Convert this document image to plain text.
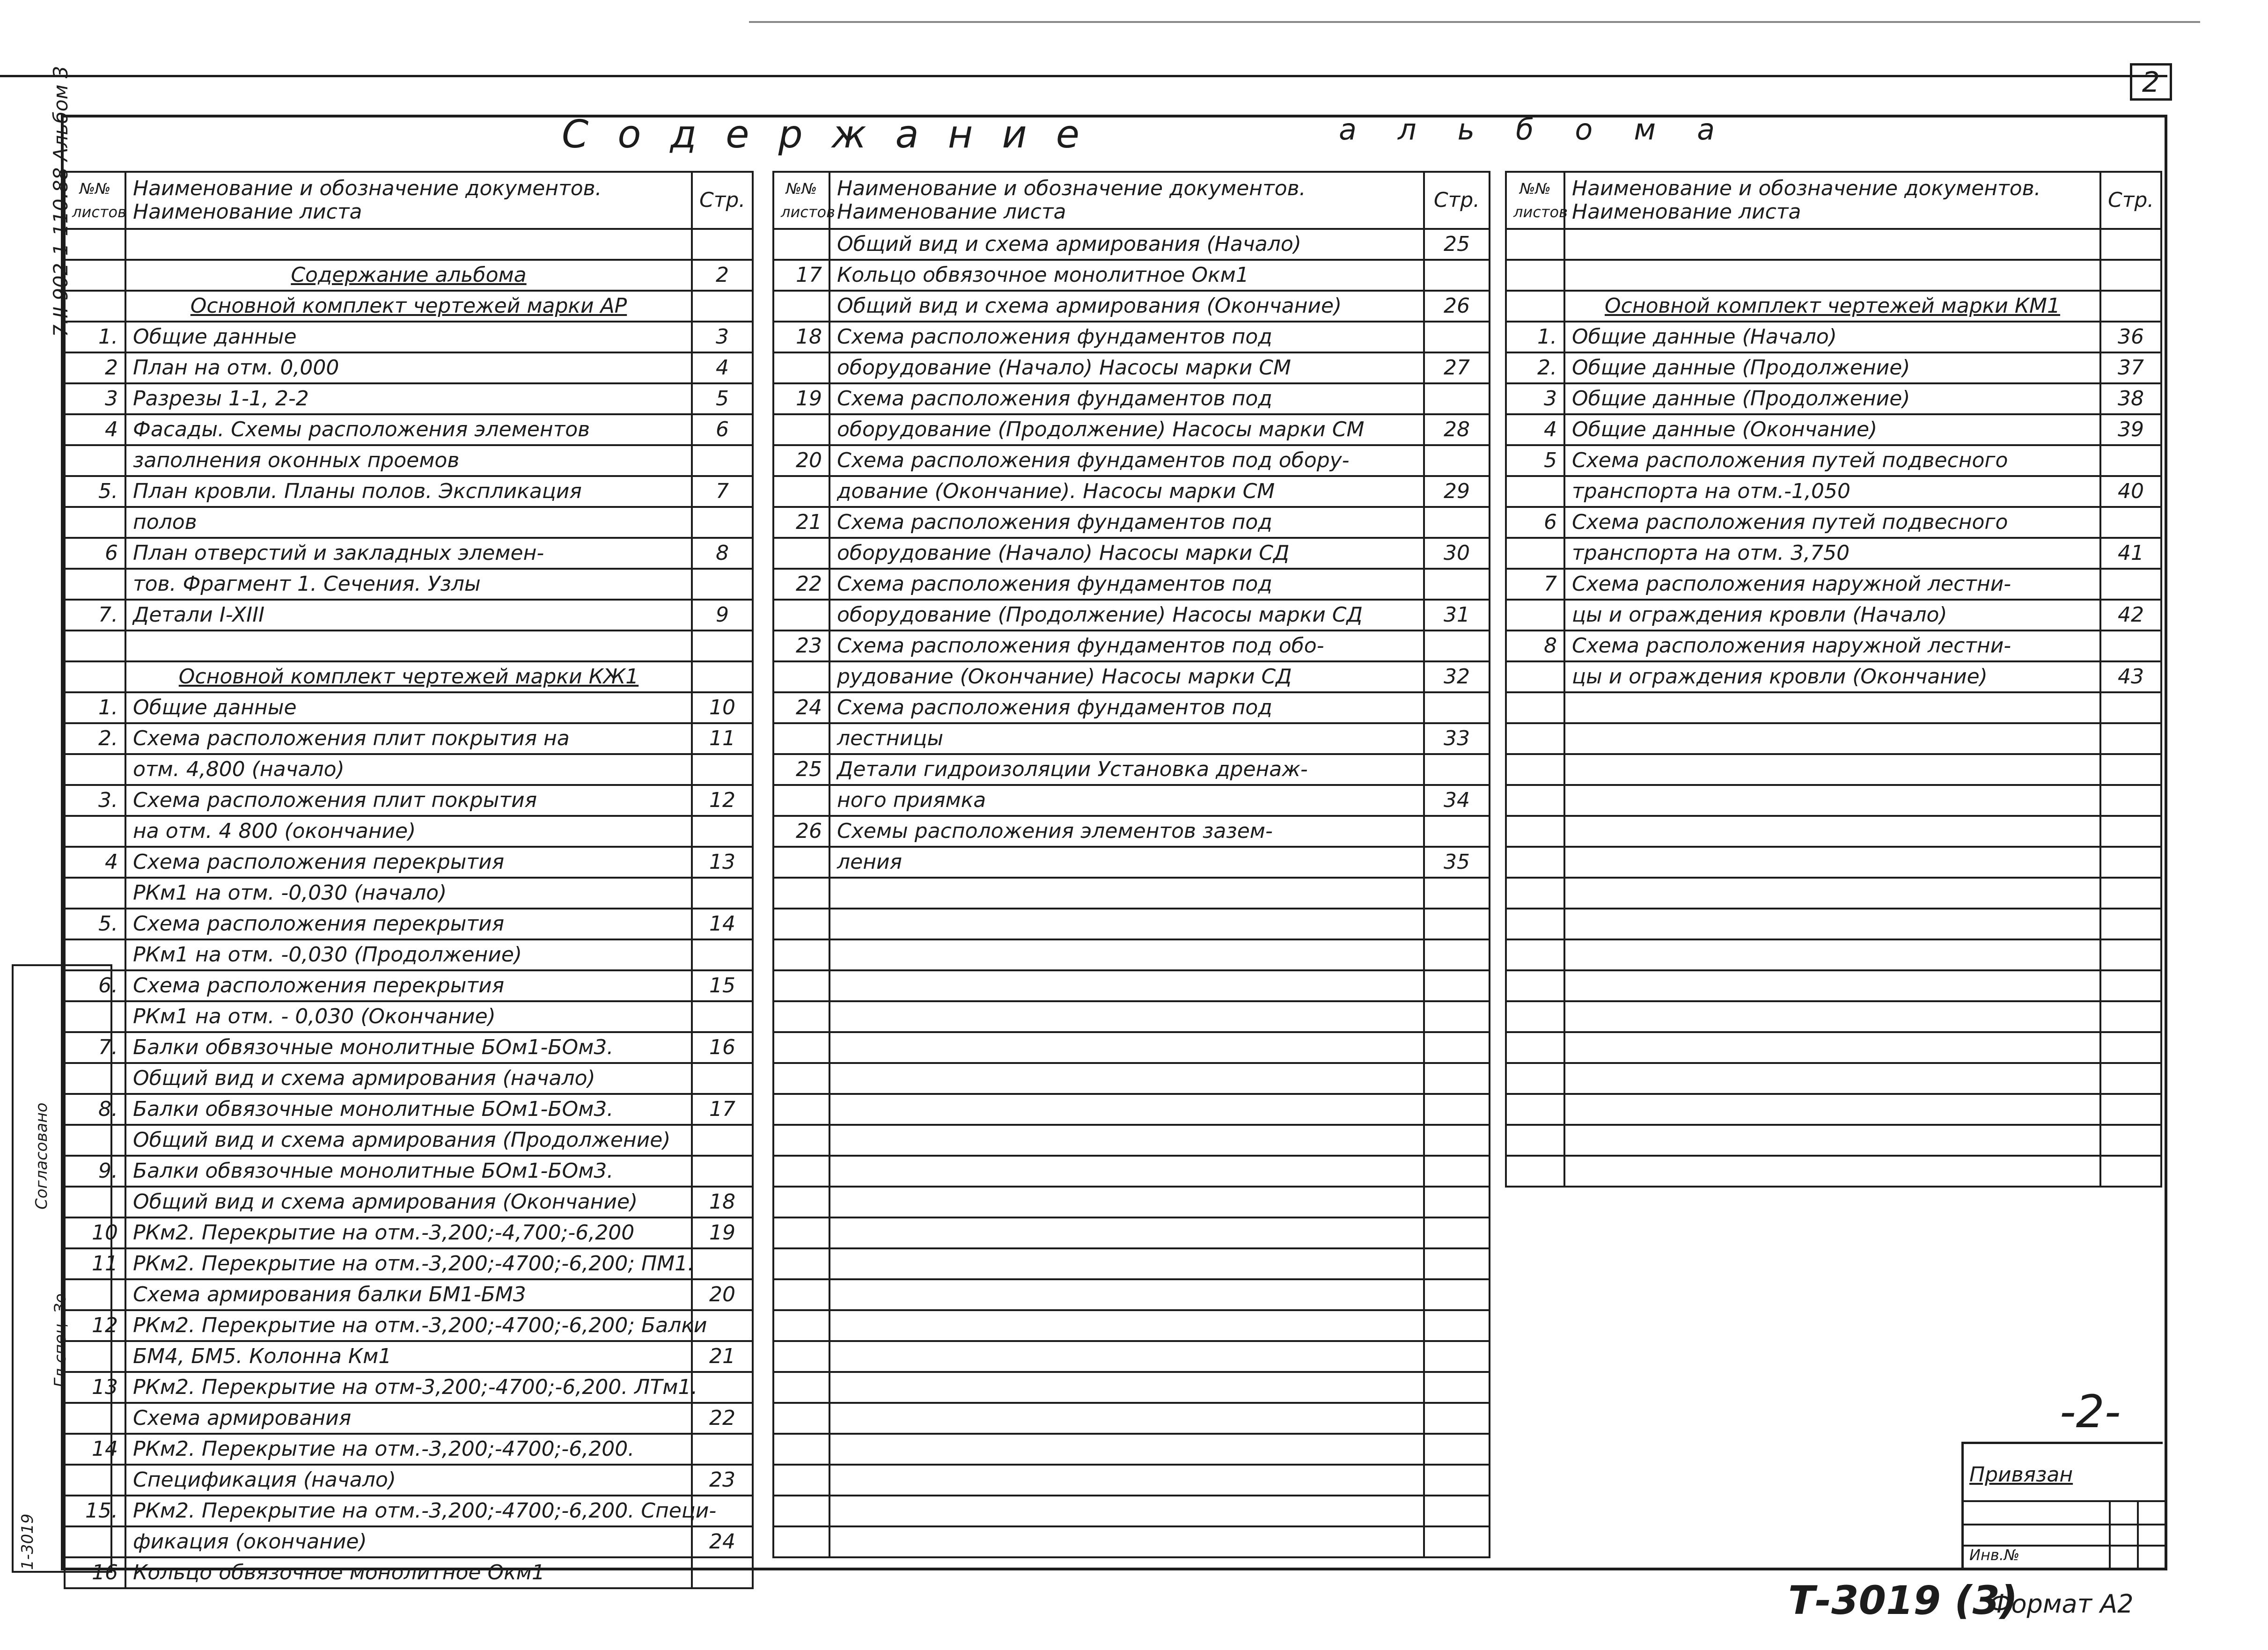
2
Содержание	альбома
7.II 902-1-110.88 Альбом 3 №№ листов	Наименование и обозначение документов. Наименование листа	Стр.

	Содержание альбома	2
	Основной комплект чертежей марки АР	
1.	Общие данные	3
2	План на отм. 0,000	4
3	Разрезы 1-1, 2-2	5
4	Фасады. Схемы расположения элементов	6
	заполнения оконных проемов	
5.	План кровли. Планы полов. Экспликация	7
	полов	
6	План отверстий и закладных элемен-	8
	тов. Фрагмент 1. Сечения. Узлы	
7.	Детали I-XIII	9

	Основной комплект чертежей марки КЖ1	
1.	Общие данные	10
2.	Схема расположения плит покрытия на	11
	отм. 4,800 (начало)	
3.	Схема расположения плит покрытия	12
	на отм. 4 800 (окончание)	
4	Схема расположения перекрытия	13
	РКм1 на отм. -0,030 (начало)	
5.	Схема расположения перекрытия	14
	РКм1 на отм. -0,030 (Продолжение)	
6.	Схема расположения перекрытия	15
	РКм1 на отм. - 0,030 (Окончание)	
7.	Балки обвязочные монолитные БОм1-БОм3.	16
	Общий вид и схема армирования (начало)	
8.	Балки обвязочные монолитные БОм1-БОм3.	17
	Общий вид и схема армирования (Продолжение)	
9.	Балки обвязочные монолитные БОм1-БОм3.	
	Общий вид и схема армирования (Окончание)	18
10	РКм2. Перекрытие на отм.-3,200;-4,700;-6,200	19
11	РКм2. Перекрытие на отм.-3,200;-4700;-6,200; ПМ1.	
	Схема армирования балки БМ1-БМ3	20
12	РКм2. Перекрытие на отм.-3,200;-4700;-6,200; Балки	
	БМ4, БМ5. Колонна Км1	21
13	РКм2. Перекрытие на отм-3,200;-4700;-6,200. ЛТм1.	
	Схема армирования	22
14	РКм2. Перекрытие на отм.-3,200;-4700;-6,200.	
	Спецификация (начало)	23
15.	РКм2. Перекрытие на отм.-3,200;-4700;-6,200. Специ-	
	фикация (окончание)	24
16	Кольцо обвязочное монолитное Окм1	
№№ листов	Наименование и обозначение документов. Наименование листа	Стр.
	Общий вид и схема армирования (Начало)	25
17	Кольцо обвязочное монолитное Окм1	
	Общий вид и схема армирования (Окончание)	26
18	Схема расположения фундаментов под	
	оборудование (Начало) Насосы марки СМ	27
19	Схема расположения фундаментов под	
	оборудование (Продолжение) Насосы марки СМ	28
20	Схема расположения фундаментов под обору-	
	дование (Окончание). Насосы марки СМ	29
21	Схема расположения фундаментов под	
	оборудование (Начало) Насосы марки СД	30
22	Схема расположения фундаментов под	
	оборудование (Продолжение) Насосы марки СД	31
23	Схема расположения фундаментов под обо-	
	рудование (Окончание) Насосы марки СД	32
24	Схема расположения фундаментов под	
	лестницы	33
25	Детали гидроизоляции Установка дренаж-	
	ного приямка	34
26	Схемы расположения элементов зазем-	
	ления	35

№№ листов	Наименование и обозначение документов. Наименование листа	Стр.

	Основной комплект чертежей марки КМ1	
1.	Общие данные (Начало)	36
2.	Общие данные (Продолжение)	37
3	Общие данные (Продолжение)	38
4	Общие данные (Окончание)	39
5	Схема расположения путей подвесного	
	транспорта на отм.-1,050	40
6	Схема расположения путей подвесного	
	транспорта на отм. 3,750	41
7	Схема расположения наружной лестни-	
	цы и ограждения кровли (Начало)	42
8	Схема расположения наружной лестни-	
	цы и ограждения кровли (Окончание)	43

1-3019
Гл.спец. Зо
Согласовано
-2-
Привязан
Инв.№
Т-3019 (3)
Формат А2
